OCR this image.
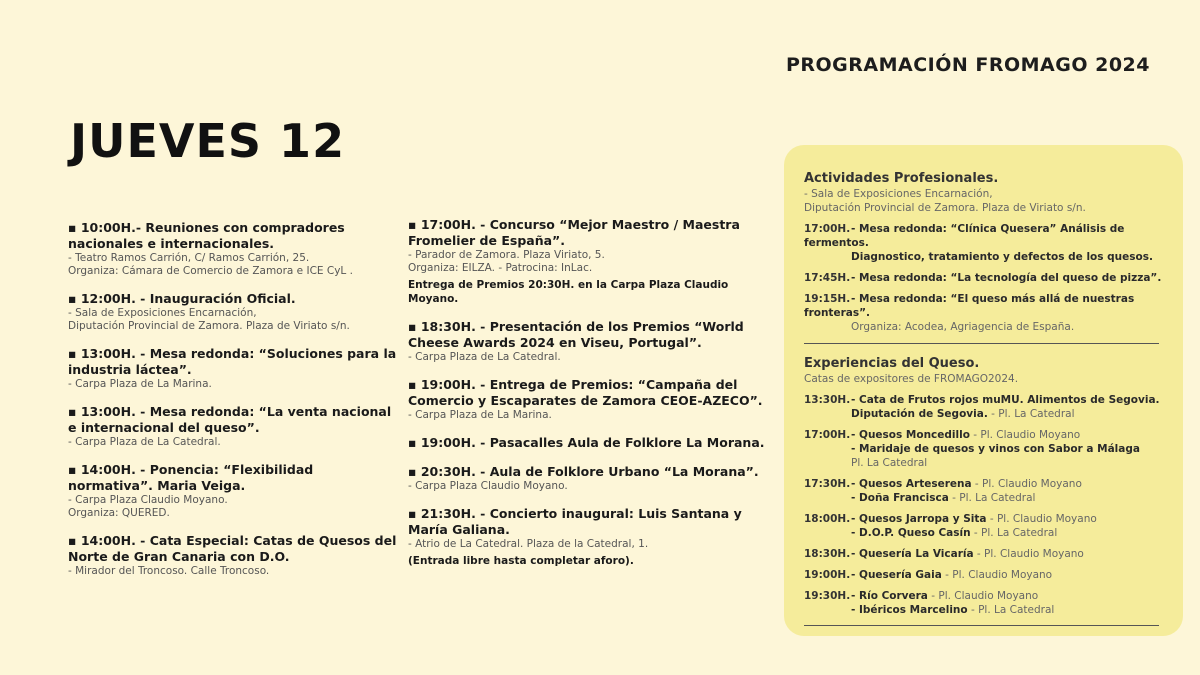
PROGRAMACIÓN FROMAGO 2024
JUEVES 12
▪ 10:00H.- Reuniones con compradores nacionales e internacionales.
- Teatro Ramos Carrión, C/ Ramos Carrión, 25.
Organiza: Cámara de Comercio de Zamora e ICE CyL .
▪ 12:00H. - Inauguración Oficial.
- Sala de Exposiciones Encarnación,
Diputación Provincial de Zamora. Plaza de Viriato s/n.
▪ 13:00H. - Mesa redonda: “Soluciones para la industria láctea”.
- Carpa Plaza de La Marina.
▪ 13:00H. - Mesa redonda: “La venta nacional e internacional del queso”.
- Carpa Plaza de La Catedral.
▪ 14:00H. - Ponencia: “Flexibilidad normativa”. Maria Veiga.
- Carpa Plaza Claudio Moyano.
Organiza: QUERED.
▪ 14:00H. - Cata Especial: Catas de Quesos del Norte de Gran Canaria con D.O.
- Mirador del Troncoso. Calle Troncoso.
▪ 17:00H. - Concurso “Mejor Maestro / Maestra Fromelier de España”.
- Parador de Zamora. Plaza Viriato, 5.
Organiza: EILZA. - Patrocina: InLac.
Entrega de Premios 20:30H. en la Carpa Plaza Claudio Moyano.
▪ 18:30H. - Presentación de los Premios “World Cheese Awards 2024 en Viseu, Portugal”.
- Carpa Plaza de La Catedral.
▪ 19:00H. - Entrega de Premios: “Campaña del Comercio y Escaparates de Zamora CEOE-AZECO”.
- Carpa Plaza de La Marina.
▪ 19:00H. - Pasacalles Aula de Folklore La Morana.
▪ 20:30H. - Aula de Folklore Urbano “La Morana”.
- Carpa Plaza Claudio Moyano.
▪ 21:30H. - Concierto inaugural: Luis Santana y María Galiana.
- Atrio de La Catedral. Plaza de la Catedral, 1.
(Entrada libre hasta completar aforo).
Actividades Profesionales.
- Sala de Exposiciones Encarnación,
Diputación Provincial de Zamora. Plaza de Viriato s/n.
17:00H.- Mesa redonda: “Clínica Quesera” Análisis de fermentos.
Diagnostico, tratamiento y defectos de los quesos.
17:45H.- Mesa redonda: “La tecnología del queso de pizza”.
19:15H.- Mesa redonda: “El queso más allá de nuestras fronteras”.
Organiza: Acodea, Agriagencia de España.
Experiencias del Queso.
Catas de expositores de FROMAGO2024.
13:30H.- Cata de Frutos rojos muMU. Alimentos de Segovia.
Diputación de Segovia. - Pl. La Catedral
17:00H.- Quesos Moncedillo - Pl. Claudio Moyano
- Maridaje de quesos y vinos con Sabor a Málaga
Pl. La Catedral
17:30H.- Quesos Arteserena - Pl. Claudio Moyano
- Doña Francisca - Pl. La Catedral
18:00H.- Quesos Jarropa y Sita - Pl. Claudio Moyano
- D.O.P. Queso Casín - Pl. La Catedral
18:30H.- Quesería La Vicaría - Pl. Claudio Moyano
19:00H.- Quesería Gaia - Pl. Claudio Moyano
19:30H.- Río Corvera - Pl. Claudio Moyano
- Ibéricos Marcelino - Pl. La Catedral
